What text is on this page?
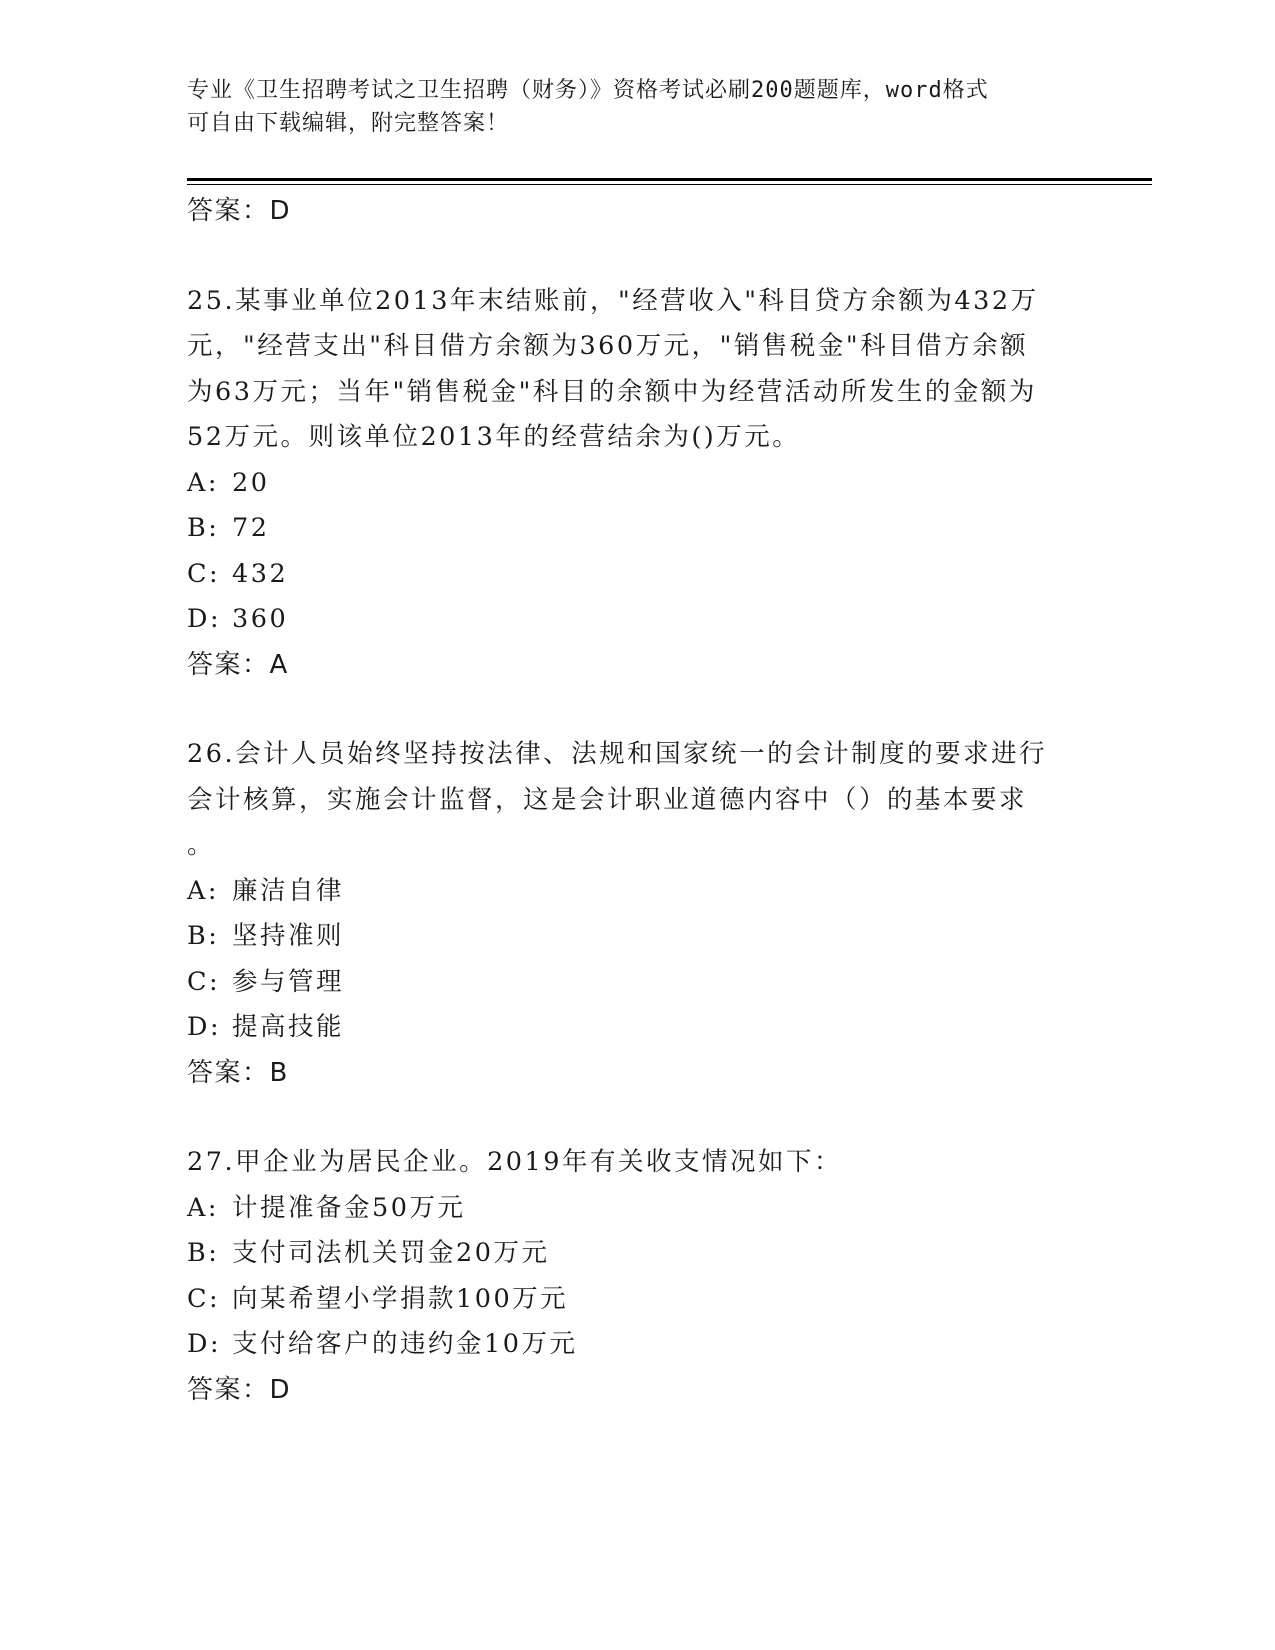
专业《卫生招聘考试之卫生招聘（财务）》资格考试必刷200题题库，word格式
可自由下载编辑，附完整答案！
答案：D
25.某事业单位2013年末结账前，"经营收入"科目贷方余额为432万
元，"经营支出"科目借方余额为360万元，"销售税金"科目借方余额
为63万元；当年"销售税金"科目的余额中为经营活动所发生的金额为
52万元。则该单位2013年的经营结余为()万元。
A: 20
B: 72
C: 432
D: 360
答案：A
26.会计人员始终坚持按法律、法规和国家统一的会计制度的要求进行
会计核算，实施会计监督，这是会计职业道德内容中（）的基本要求
。
A: 廉洁自律
B: 坚持准则
C: 参与管理
D: 提高技能
答案：B
27.甲企业为居民企业。2019年有关收支情况如下：
A: 计提准备金50万元
B: 支付司法机关罚金20万元
C: 向某希望小学捐款100万元
D: 支付给客户的违约金10万元
答案：D
